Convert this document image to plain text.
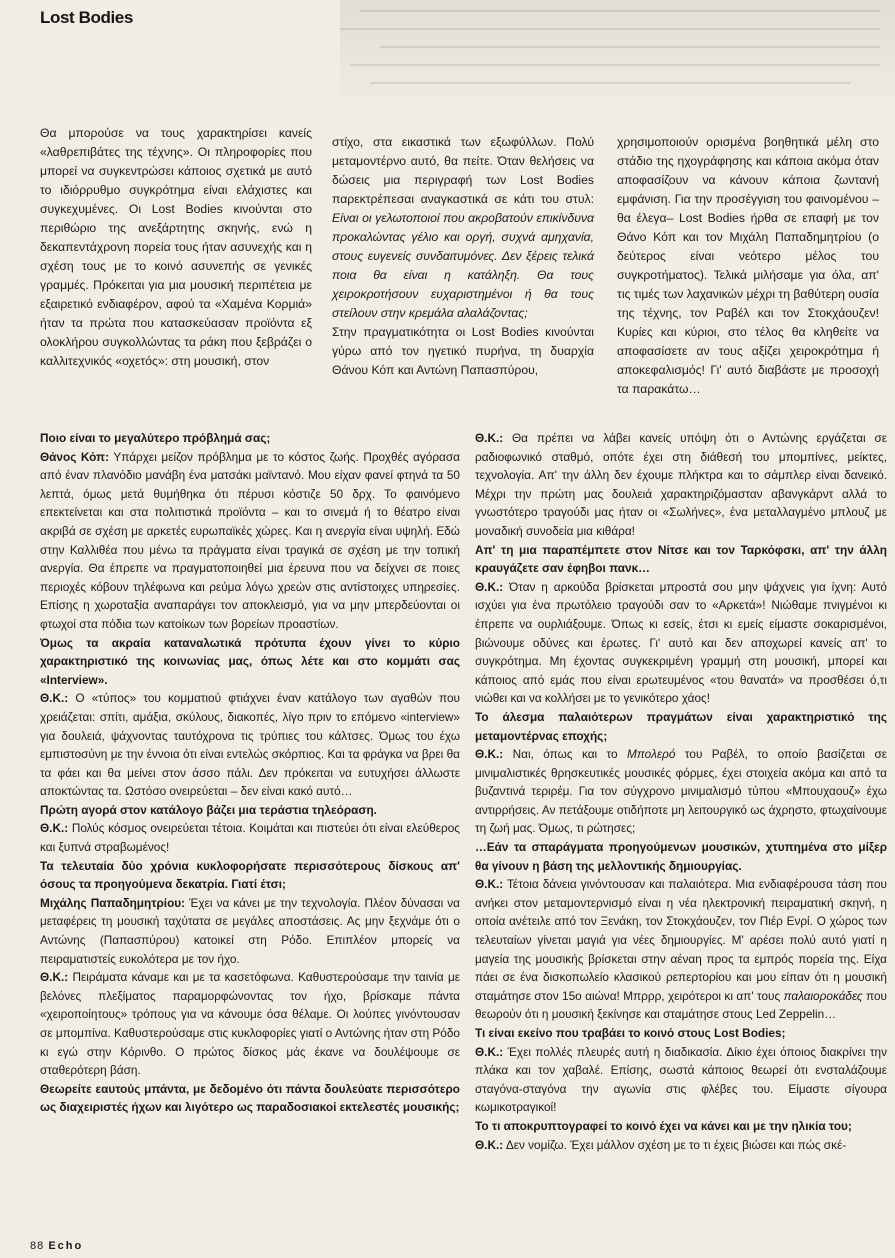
Lost Bodies

Θα μπορούσε να τους χαρακτηρίσει κανείς «λαθρεπιβάτες της τέχνης». Οι πληροφορίες που μπορεί να συγκεντρώσει κάποιος σχετικά με αυτό το ιδιόρρυθμο συγκρότημα είναι ελάχιστες και συγκεχυμένες. Οι Lost Bodies κινούνται στο περιθώριο της ανεξάρτητης σκηνής, ενώ η δεκαπεντάχρονη πορεία τους ήταν ασυνεχής και η σχέση τους με το κοινό ασυνεπής σε γενικές γραμμές. Πρόκειται για μια μουσική περιπέτεια με εξαιρετικό ενδιαφέρον, αφού τα «Χαμένα Κορμιά» ήταν τα πρώτα που κατασκεύασαν προϊόντα εξ ολοκλήρου συγκολλώντας τα ράκη που ξεβράζει ο καλλιτεχνικός «οχετός»: στη μουσική, στον

στίχο, στα εικαστικά των εξωφύλλων. Πολύ μεταμοντέρνο αυτό, θα πείτε. Όταν θελήσεις να δώσεις μια περιγραφή των Lost Bodies παρεκτρέπεσαι αναγκαστικά σε κάτι του στυλ: Είναι οι γελωτοποιοί που ακροβατούν επικίνδυνα προκαλώντας γέλιο και οργή, συχνά αμηχανία, στους ευγενείς συνδαιτυμόνες. Δεν ξέρεις τελικά ποια θα είναι η κατάληξη. Θα τους χειροκροτήσουν ευχαριστημένοι ή θα τους στείλουν στην κρεμάλα αλαλάζοντας;

Στην πραγματικότητα οι Lost Bodies κινούνται γύρω από τον ηγετικό πυρήνα, τη δυαρχία Θάνου Κόπ και Αντώνη Παπασπύρου,

χρησιμοποιούν ορισμένα βοηθητικά μέλη στο στάδιο της ηχογράφησης και κάποια ακόμα όταν αποφασίζουν να κάνουν κάποια ζωντανή εμφάνιση. Για την προσέγγιση του φαινομένου –θα έλεγα– Lost Bodies ήρθα σε επαφή με τον Θάνο Κόπ και τον Μιχάλη Παπαδημητρίου (ο δεύτερος είναι νεότερο μέλος του συγκροτήματος). Τελικά μιλήσαμε για όλα, απ' τις τιμές των λαχανικών μέχρι τη βαθύτερη ουσία της τέχνης, τον Ραβέλ και τον Στοκχάουζεν! Κυρίες και κύριοι, στο τέλος θα κληθείτε να αποφασίσετε αν τους αξίζει χειροκρότημα ή αποκεφαλισμός! Γι' αυτό διαβάστε με προσοχή τα παρακάτω…

Ποιο είναι το μεγαλύτερο πρόβλημά σας;

Θάνος Κόπ: Υπάρχει μείζον πρόβλημα με το κόστος ζωής. Προχθές αγόρασα από έναν πλανόδιο μανάβη ένα ματσάκι μαϊντανό. Μου είχαν φανεί φτηνά τα 50 λεπτά, όμως μετά θυμήθηκα ότι πέρυσι κόστιζε 50 δρχ. Το φαινόμενο επεκτείνεται και στα πολιτιστικά προϊόντα – και το σινεμά ή το θέατρο είναι ακριβά σε σχέση με αρκετές ευρωπαϊκές χώρες. Και η ανεργία είναι υψηλή. Εδώ στην Καλλιθέα που μένω τα πράγματα είναι τραγικά σε σχέση με την τοπική ανεργία. Θα έπρεπε να πραγματοποιηθεί μια έρευνα που να δείχνει σε ποιες περιοχές κόβουν τηλέφωνα και ρεύμα λόγω χρεών στις αντίστοιχες υπηρεσίες. Επίσης η χωροταξία αναπαράγει τον αποκλεισμό, για να μην μπερδεύονται οι φτωχοί στα πόδια των κατοίκων των βορείων προαστίων.

Όμως τα ακραία καταναλωτικά πρότυπα έχουν γίνει το κύριο χαρακτηριστικό της κοινωνίας μας, όπως λέτε και στο κομμάτι σας «Interview».

Θ.Κ.: Ο «τύπος» του κομματιού φτιάχνει έναν κατάλογο των αγαθών που χρειάζεται: σπίτι, αμάξια, σκύλους, διακοπές, λίγο πριν το επόμενο «interview» για δουλειά, ψάχνοντας ταυτόχρονα τις τρύπιες του κάλτσες. Όμως του έχω εμπιστοσύνη με την έννοια ότι είναι εντελώς σκόρπιος. Και τα φράγκα να βρει θα τα φάει και θα μείνει στον άσσο πάλι. Δεν πρόκειται να ευτυχήσει άλλωστε αποκτώντας τα. Ωστόσο ονειρεύεται – δεν είναι κακό αυτό…

Πρώτη αγορά στον κατάλογο βάζει μια τεράστια τηλεόραση.

Θ.Κ.: Πολύς κόσμος ονειρεύεται τέτοια. Κοιμάται και πιστεύει ότι είναι ελεύθερος και ξυπνά στραβωμένος!

Τα τελευταία δύο χρόνια κυκλοφορήσατε περισσότερους δίσκους απ' όσους τα προηγούμενα δεκατρία. Γιατί έτσι;

Μιχάλης Παπαδημητρίου: Έχει να κάνει με την τεχνολογία. Πλέον δύνασαι να μεταφέρεις τη μουσική ταχύτατα σε μεγάλες αποστάσεις. Ας μην ξεχνάμε ότι ο Αντώνης (Παπασπύρου) κατοικεί στη Ρόδο. Επιπλέον μπορείς να πειραματιστείς ευκολότερα με τον ήχο.

Θ.Κ.: Πειράματα κάναμε και με τα κασετόφωνα. Καθυστερούσαμε την ταινία με βελόνες πλεξίματος παραμορφώνοντας τον ήχο, βρίσκαμε πάντα «χειροποίητους» τρόπους για να κάνουμε όσα θέλαμε. Οι λούπες γινόντουσαν σε μπομπίνα. Καθυστερούσαμε στις κυκλοφορίες γιατί ο Αντώνης ήταν στη Ρόδο κι εγώ στην Κόρινθο. Ο πρώτος δίσκος μάς έκανε να δουλέψουμε σε σταθερότερη βάση.

Θεωρείτε εαυτούς μπάντα, με δεδομένο ότι πάντα δουλεύατε περισσότερο ως διαχειριστές ήχων και λιγότερο ως παραδοσιακοί εκτελεστές μουσικής;

Θ.Κ.: Θα πρέπει να λάβει κανείς υπόψη ότι ο Αντώνης εργάζεται σε ραδιοφωνικό σταθμό, οπότε έχει στη διάθεσή του μπομπίνες, μείκτες, τεχνολογία. Απ' την άλλη δεν έχουμε πλήκτρα και το σάμπλερ είναι δανεικό. Μέχρι την πρώτη μας δουλειά χαρακτηριζόμασταν αβανγκάρντ αλλά το γνωστότερο τραγούδι μας ήταν οι «Σωλήνες», ένα μεταλλαγμένο μπλουζ με μοναδική συνοδεία μια κιθάρα!

Απ' τη μια παραπέμπετε στον Νίτσε και τον Ταρκόφσκι, απ' την άλλη κραυγάζετε σαν έφηβοι πανκ…

Θ.Κ.: Όταν η αρκούδα βρίσκεται μπροστά σου μην ψάχνεις για ίχνη: Αυτό ισχύει για ένα πρωτόλειο τραγούδι σαν το «Αρκετά»! Νιώθαμε πνιγμένοι κι έπρεπε να ουρλιάξουμε. Όπως κι εσείς, έτσι κι εμείς είμαστε σοκαρισμένοι, βιώνουμε οδύνες και έρωτες. Γι' αυτό και δεν αποχωρεί κανείς απ' το συγκρότημα. Μη έχοντας συγκεκριμένη γραμμή στη μουσική, μπορεί και κάποιος από εμάς που είναι ερωτευμένος «του θανατά» να προσθέσει ό,τι νιώθει και να κολλήσει με το γενικότερο χάος!

Το άλεσμα παλαιότερων πραγμάτων είναι χαρακτηριστικό της μεταμοντέρνας εποχής;

Θ.Κ.: Ναι, όπως και το Μπολερό του Ραβέλ, το οποίο βασίζεται σε μινιμαλιστικές θρησκευτικές μουσικές φόρμες, έχει στοιχεία ακόμα και από τα βυζαντινά τεριρέμ. Για τον σύγχρονο μινιμαλισμό τύπου «Μπουχαουζ» έχω αντιρρήσεις. Αν πετάξουμε οτιδήποτε μη λειτουργικό ως άχρηστο, φτωχαίνουμε τη ζωή μας. Όμως, τι ρώτησες;

…Εάν τα σπαράγματα προηγούμενων μουσικών, χτυπημένα στο μίξερ θα γίνουν η βάση της μελλοντικής δημιουργίας.

Θ.Κ.: Τέτοια δάνεια γινόντουσαν και παλαιότερα. Μια ενδιαφέρουσα τάση που ανήκει στον μεταμοντερνισμό είναι η νέα ηλεκτρονική πειραματική σκηνή, η οποία ανέτειλε από τον Ξενάκη, τον Στοκχάουζεν, τον Πιέρ Ενρί. Ο χώρος των τελευταίων γίνεται μαγιά για νέες δημιουργίες. Μ' αρέσει πολύ αυτό γιατί η μαγεία της μουσικής βρίσκεται στην αέναη προς τα εμπρός πορεία της. Είχα πάει σε ένα δισκοπωλείο κλασικού ρεπερτορίου και μου είπαν ότι η μουσική σταμάτησε στον 15ο αιώνα! Μπρρρ, χειρότεροι κι απ' τους παλαιοροκάδες που θεωρούν ότι η μουσική ξεκίνησε και σταμάτησε στους Led Zeppelin…

Τι είναι εκείνο που τραβάει το κοινό στους Lost Bodies;

Θ.Κ.: Έχει πολλές πλευρές αυτή η διαδικασία. Δίκιο έχει όποιος διακρίνει την πλάκα και τον χαβαλέ. Επίσης, σωστά κάποιος θεωρεί ότι ενσταλάζουμε σταγόνα-σταγόνα την αγωνία στις φλέβες του. Είμαστε σίγουρα κωμικοτραγικοί!

Το τι αποκρυπτογραφεί το κοινό έχει να κάνει και με την ηλικία του;

Θ.Κ.: Δεν νομίζω. Έχει μάλλον σχέση με το τι έχεις βιώσει και πώς σκέ-

88 Echo
